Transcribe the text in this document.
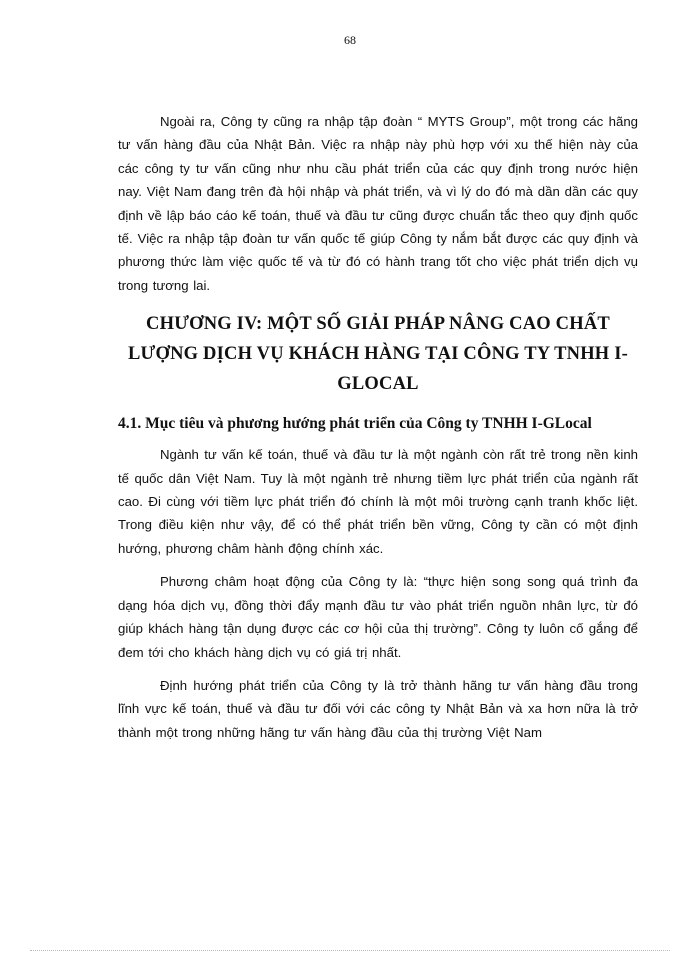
68

Ngoài ra, Công ty cũng ra nhập tập đoàn “ MYTS Group”, một trong các hãng tư vấn hàng đầu của Nhật Bản. Việc ra nhập này phù hợp với xu thế hiện này của các công ty tư vấn cũng như nhu cầu phát triển của các quy định trong nước hiện nay. Việt Nam đang trên đà hội nhập và phát triển, và vì lý do đó mà dần dần các quy định về lập báo cáo kế toán, thuế và đầu tư cũng được chuẩn tắc theo quy định quốc tế. Việc ra nhập tập đoàn tư vấn quốc tế giúp Công ty nắm bắt được các quy định và phương thức làm việc quốc tế và từ đó có hành trang tốt cho việc phát triển dịch vụ trong tương lai.

CHƯƠNG IV: MỘT SỐ GIẢI PHÁP NÂNG CAO CHẤT
LƯỢNG DỊCH VỤ KHÁCH HÀNG TẠI CÔNG TY TNHH I-
GLOCAL
4.1. Mục tiêu và phương hướng phát triển của Công ty TNHH I-GLocal

Ngành tư vấn kế toán, thuế và đầu tư là một ngành còn rất trẻ trong nền kinh tế quốc dân Việt Nam. Tuy là một ngành trẻ nhưng tiềm lực phát triển của ngành rất cao. Đi cùng với tiềm lực phát triển đó chính là một môi trường cạnh tranh khốc liệt. Trong điều kiện như vậy, để có thể phát triển bền vững, Công ty cần có một định hướng, phương châm hành động chính xác.

Phương châm hoạt động của Công ty là: “thực hiện song song quá trình đa dạng hóa dịch vụ, đồng thời đẩy mạnh đầu tư vào phát triển nguồn nhân lực, từ đó giúp khách hàng tận dụng được các cơ hội của thị trường”. Công ty luôn cố gắng để đem tới cho khách hàng dịch vụ có giá trị nhất.

Định hướng phát triển của Công ty là trở thành hãng tư vấn hàng đầu trong lĩnh vực kế toán, thuế và đầu tư đối với các công ty Nhật Bản và xa hơn nữa là trở thành một trong những hãng tư vấn hàng đầu của thị trường Việt Nam
